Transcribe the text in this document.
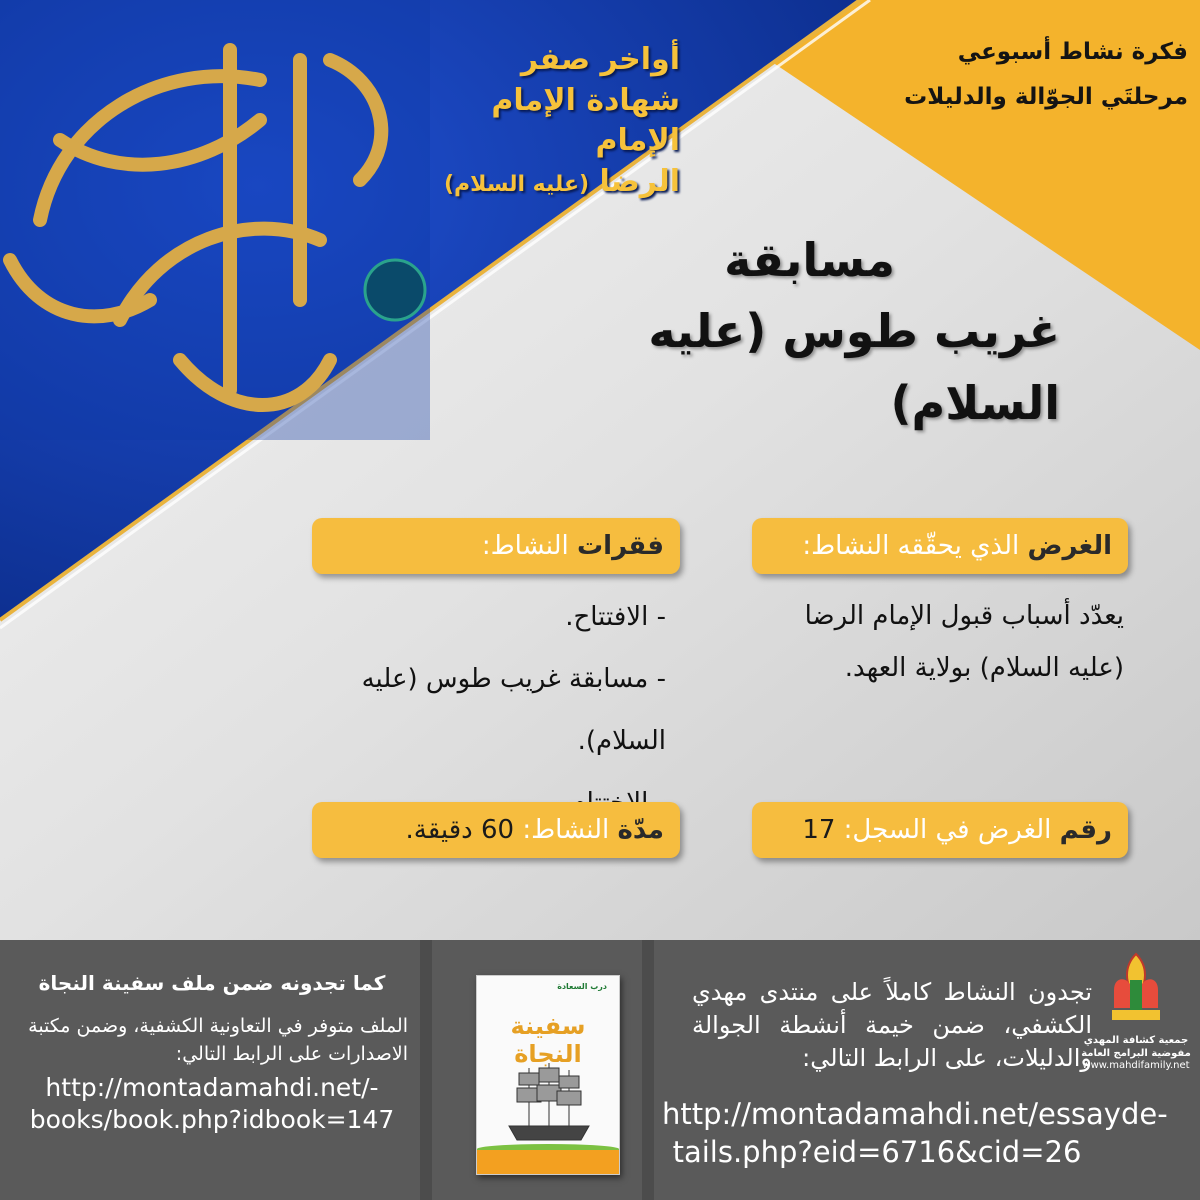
أواخر صفر
شهادة الإمام الإمام
الرضا (عليه السلام)
فكرة نشاط أسبوعي
مرحلتَي الجوّالة والدليلات
مسابقة
غريب طوس (عليه السلام)
الغرض الذي يحقّقه النشاط:
يعدّد أسباب قبول الإمام الرضا (عليه السلام) بولاية العهد.
فقرات النشاط:
- الافتتاح.
- مسابقة غريب طوس (عليه السلام).
رقم الغرض في السجل: 17
مدّة النشاط: 60 دقيقة.
كما تجدونه ضمن ملف سفينة النجاة
الملف متوفر في التعاونية الكشفية، وضمن مكتبة الاصدارات على الرابط التالي:
http://montadamahdi.net/-books/book.php?idbook=147
درب السعادة
سفينة النجاة
تجدون النشاط كاملاً على منتدى مهدي الكشفي، ضمن خيمة أنشطة الجوالة والدليلات، على الرابط التالي:
http://montadamahdi.net/essayde-tails.php?eid=6716&cid=26
جمعية كشافة المهدي
مفوضية البرامج العامة
www.mahdifamily.net
